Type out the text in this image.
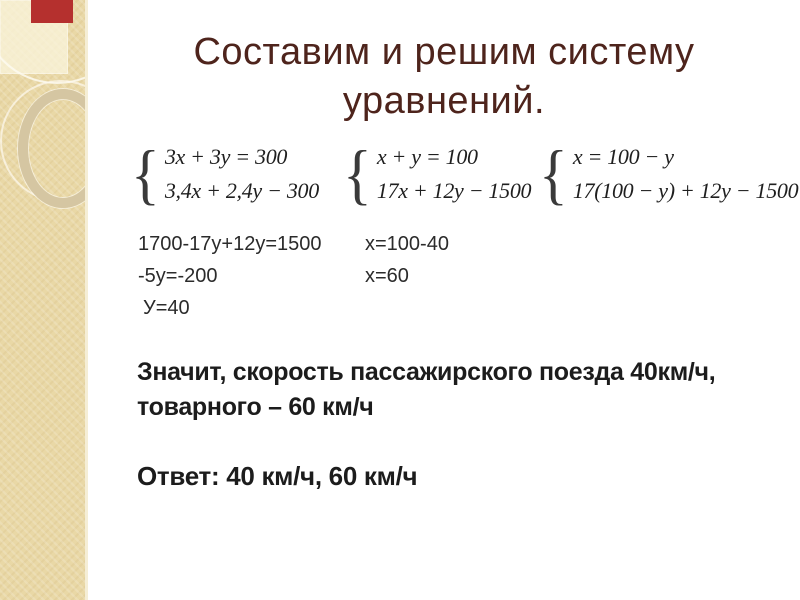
Составим и решим систему
уравнений.
{ 3x + 3y = 300
3,4x + 2,4y − 300 { x + y = 100
17x + 12y − 1500 { x = 100 − y
17(100 − y) + 12y − 1500
1700-17y+12y=1500
-5y=-200
У=40
x=100-40
x=60
Значит, скорость пассажирского поезда 40км/ч,
товарного – 60 км/ч
Ответ: 40 км/ч, 60 км/ч
